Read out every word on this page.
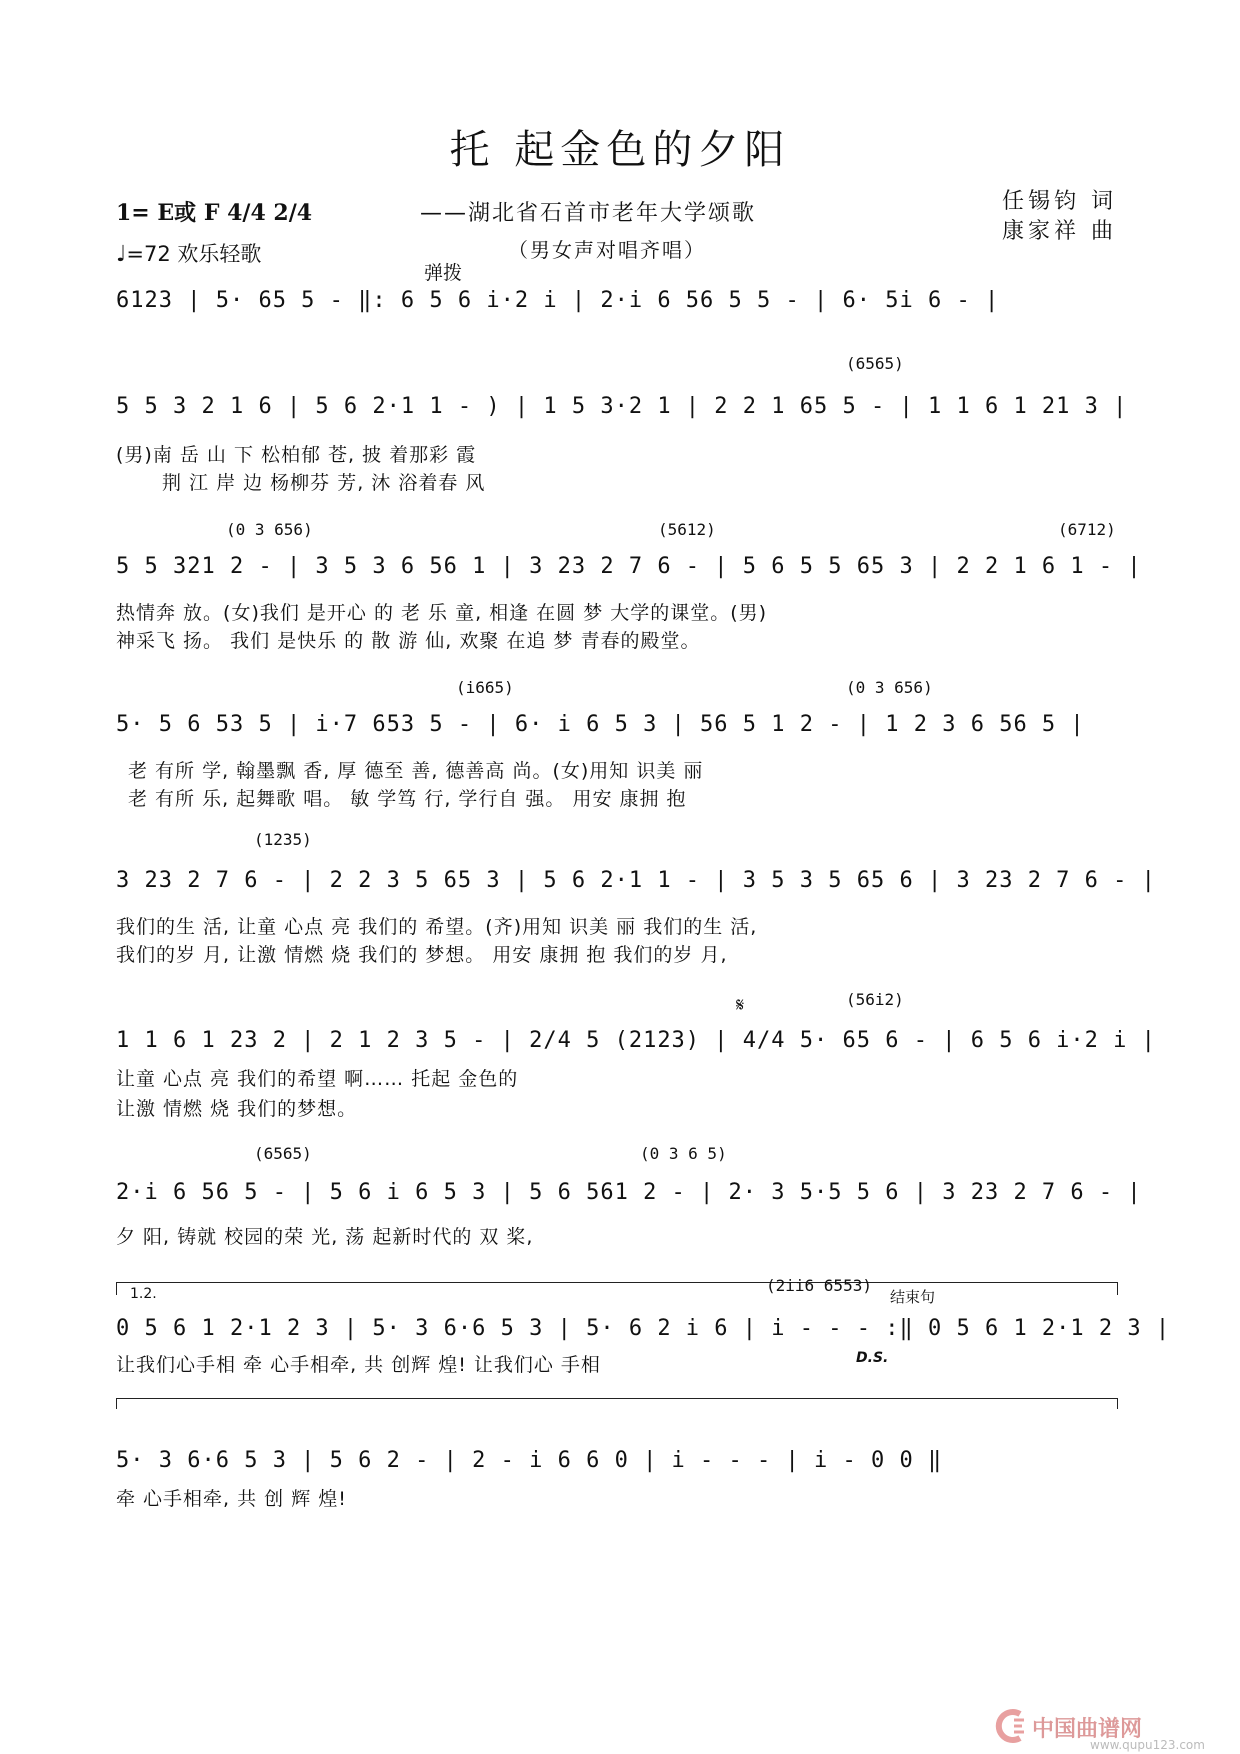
托 起金色的夕阳
——湖北省石首市老年大学颂歌
（男女声对唱齐唱）
任锡钧 词
康家祥 曲
1= E或 F 4/4 2/4
♩=72 欢乐轻歌
弹拨
6123 | 5· 65 5 - ‖: 6 5 6 i·2 i | 2·i 6 56 5 5 - | 6· 5i 6 - |
(6565)
5 5 3 2 1 6 | 5 6 2·1 1 - ) | 1 5 3·2 1 | 2 2 1 65 5 - | 1 1 6 1 21 3 |
(男)南 岳 山 下 松柏郁 苍, 披 着那彩 霞
荆 江 岸 边 杨柳芬 芳, 沐 浴着春 风
(0 3 656)	(5612)	(6712)
5 5 321 2 - | 3 5 3 6 56 1 | 3 23 2 7 6 - | 5 6 5 5 65 3 | 2 2 1 6 1 - |
热情奔 放。(女)我们 是开心 的 老 乐 童, 相逢 在圆 梦 大学的课堂。(男)
神采飞 扬。 我们 是快乐 的 散 游 仙, 欢聚 在追 梦 青春的殿堂。
(i665)	(0 3 656)
5· 5 6 53 5 | i·7 653 5 - | 6· i 6 5 3 | 56 5 1 2 - | 1 2 3 6 56 5 |
老 有所 学, 翰墨飘 香, 厚 德至 善, 德善高 尚。(女)用知 识美 丽
老 有所 乐, 起舞歌 唱。 敏 学笃 行, 学行自 强。 用安 康拥 抱
(1235)
3 23 2 7 6 - | 2 2 3 5 65 3 | 5 6 2·1 1 - | 3 5 3 5 65 6 | 3 23 2 7 6 - |
我们的生 活, 让童 心点 亮 我们的 希望。(齐)用知 识美 丽 我们的生 活,
我们的岁 月, 让激 情燃 烧 我们的 梦想。 用安 康拥 抱 我们的岁 月,
𝄋	(56i2)
1 1 6 1 23 2 | 2 1 2 3 5 - | 2/4 5 (2123) | 4/4 5· 65 6 - | 6 5 6 i·2 i |
让童 心点 亮 我们的希望 啊…… 托起 金色的
让激 情燃 烧 我们的梦想。
(6565)	(0 3 6 5)
2·i 6 56 5 - | 5 6 i 6 5 3 | 5 6 561 2 - | 2· 3 5·5 5 6 | 3 23 2 7 6 - |
夕 阳, 铸就 校园的荣 光, 荡 起新时代的 双 桨,
1.2.	(2ii6 6553)
结束句
0 5 6 1 2·1 2 3 | 5· 3 6·6 5 3 | 5· 6 2 i 6 | i - - - :‖ 0 5 6 1 2·1 2 3 |
让我们心手相 牵 心手相牵, 共 创辉 煌! 让我们心 手相	D.S.
5· 3 6·6 5 3 | 5 6 2 - | 2 - i 6 6 0 | i - - - | i - 0 0 ‖
牵 心手相牵, 共 创 辉 煌!
中国曲谱网
www.qupu123.com
